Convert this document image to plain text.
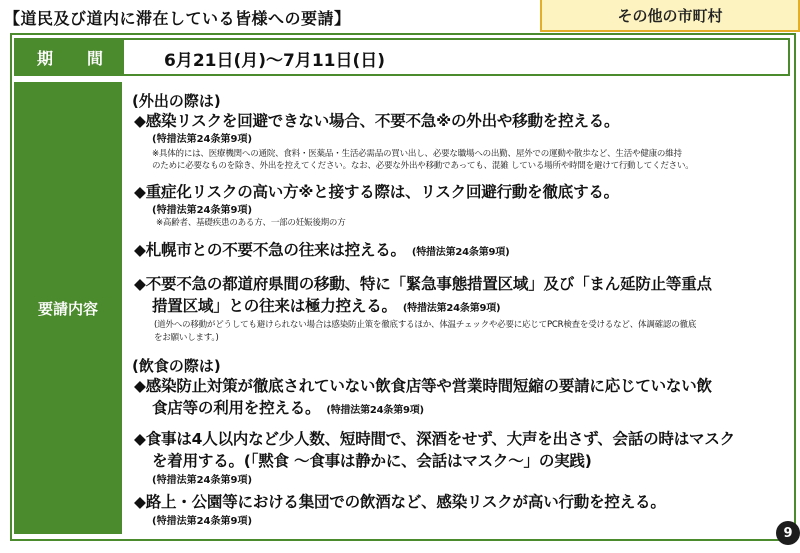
【道民及び道内に滞在している皆様への要請】	その他の市町村
期間 6月21日(月)〜7月11日(日)
要請内容
(外出の際は)
◆感染リスクを回避できない場合、不要不急※の外出や移動を控える。
(特措法第24条第9項)
※具体的には、医療機関への通院、食料・医薬品・生活必需品の買い出し、必要な職場への出勤、屋外での運動や散歩など、生活や健康の維持
のために必要なものを除き、外出を控えてください。なお、必要な外出や移動であっても、混雑 している場所や時間を避けて行動してください。
◆重症化リスクの高い方※と接する際は、リスク回避行動を徹底する。
(特措法第24条第9項)
※高齢者、基礎疾患のある方、一部の妊娠後期の方
◆札幌市との不要不急の往来は控える。 (特措法第24条第9項)
◆不要不急の都道府県間の移動、特に「緊急事態措置区域」及び「まん延防止等重点
措置区域」との往来は極力控える。 (特措法第24条第9項)
(道外への移動がどうしても避けられない場合は感染防止策を徹底するほか、体温チェックや必要に応じてPCR検査を受けるなど、体調確認の徹底
をお願いします。)
(飲食の際は)
◆感染防止対策が徹底されていない飲食店等や営業時間短縮の要請に応じていない飲
食店等の利用を控える。 (特措法第24条第9項)
◆食事は4人以内など少人数、短時間で、深酒をせず、大声を出さず、会話の時はマスク
を着用する。(「黙食 〜食事は静かに、会話はマスク〜」の実践)
(特措法第24条第9項)
◆路上・公園等における集団での飲酒など、感染リスクが高い行動を控える。
(特措法第24条第9項)
9
